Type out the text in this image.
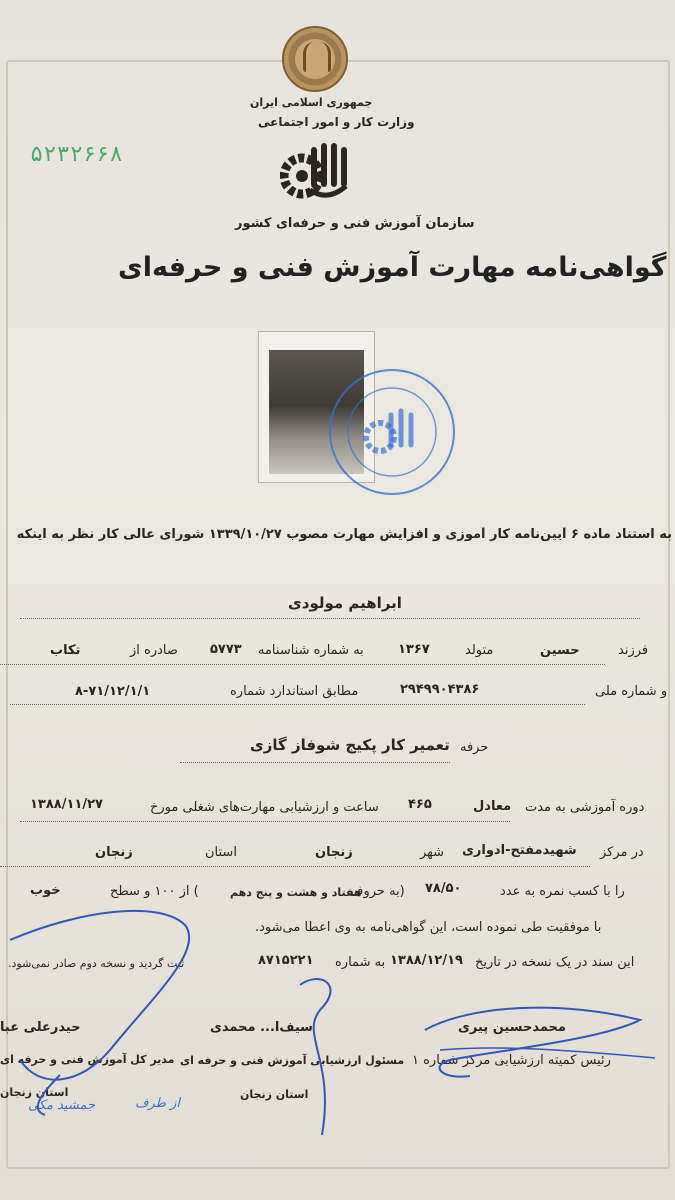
جمهوری اسلامی ایران
وزارت کار و امور اجتماعی
۵۲۳۲۶۶۸
سازمان آموزش فنی و حرفه‌ای کشور
گواهی‌نامه مهارت آموزش فنی و حرفه‌ای
به استناد ماده ۶ آیین‌نامه کار آموزی و افزایش مهارت مصوب ۱۳۳۹/۱۰/۲۷ شورای عالی کار نظر به اینکه
ابراهیم مولودی
فرزند
حسین
متولد
۱۳۶۷
به شماره شناسنامه
۵۷۷۳
صادره از
تکاب
و شماره ملی
۲۹۴۹۹۰۴۳۸۶
مطابق استاندارد شماره
۸-۷۱/۱۲/۱/۱
حرفه
تعمیر کار پکیج شوفاز گازی
دوره آموزشی به مدت
معادل
۴۶۵
ساعت و ارزشیابی مهارت‌های شغلی مورخ
۱۳۸۸/۱۱/۲۷
در مرکز
شهیدمفتح-ادواری
شهر
زنجان
استان
زنجان
را با کسب نمره به عدد
۷۸/۵۰
(به حروف
هفتاد و هشت و پنج دهم
) از ۱۰۰ و سطح
خوب
با موفقیت طی نموده است، این گواهی‌نامه به وی اعطا می‌شود.
این سند در یک نسخه در تاریخ
۱۳۸۸/۱۲/۱۹
به شماره
۸۷۱۵۲۲۱
ثبت گردید و نسخه دوم صادر نمی‌شود.
محمدحسین پیری
رئیس کمیته ارزشیابی مرکز شماره ۱
سیف‌ا... محمدی
مسئول ارزشیابی آموزش فنی و حرفه ای
استان زنجان
حیدرعلی عبا
مدیر کل آموزش فنی و حرفه ای
استان زنجان
از طرف
جمشید مکی
